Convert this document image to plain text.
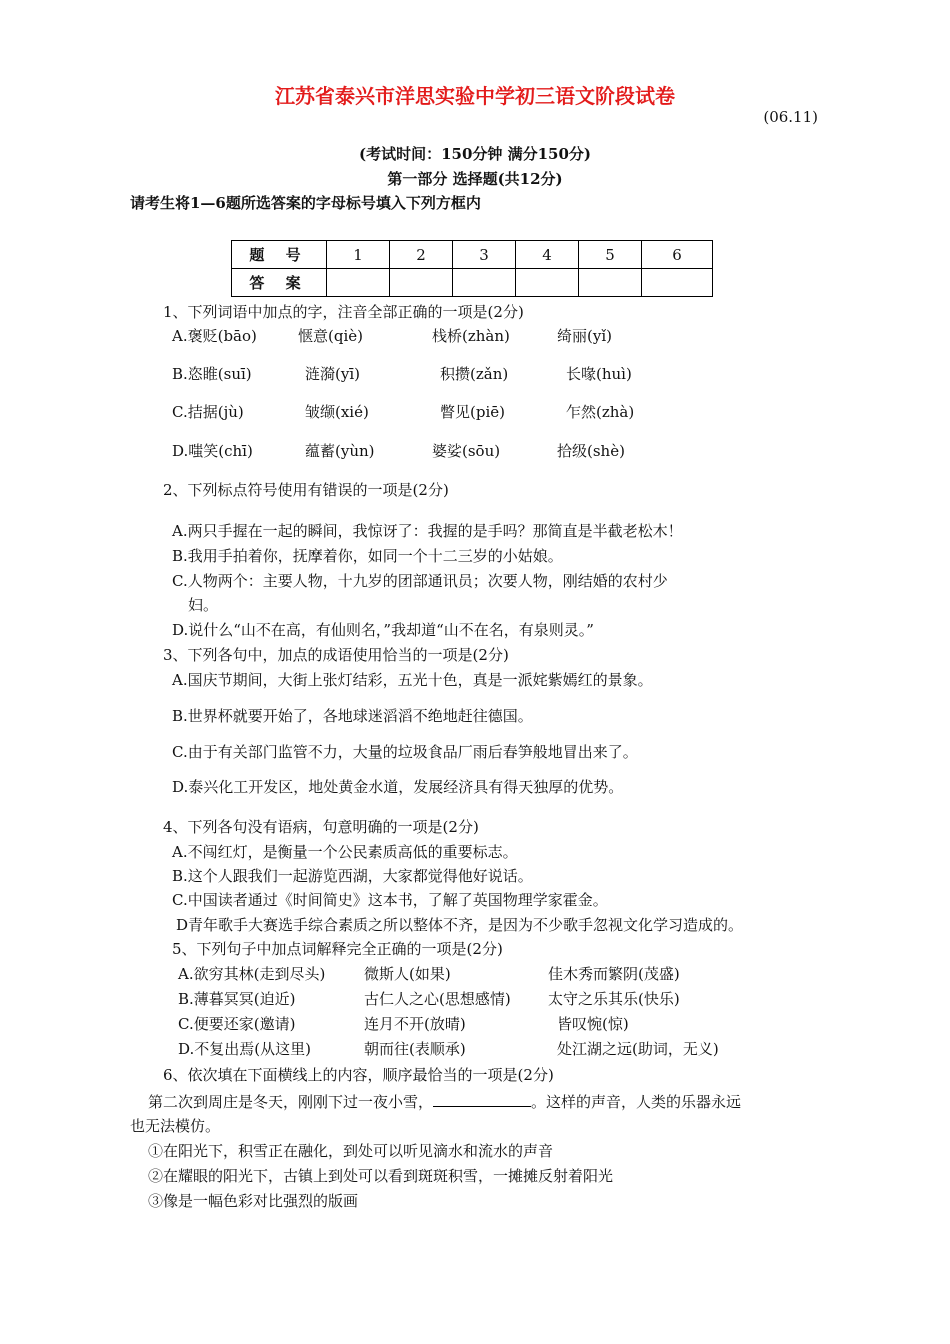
江苏省泰兴市洋思实验中学初三语文阶段试卷
(06.11)
(考试时间：150分钟 满分150分)
第一部分 选择题(共12分)
请考生将1—6题所选答案的字母标号填入下列方框内
题 号	1	2	3	4	5	6
答 案						
1、下列词语中加点的字，注音全部正确的一项是(2分)
A.褒贬(bāo)	惬意(qiè)	栈桥(zhàn)	绮丽(yǐ)
B.恣睢(suī)	涟漪(yī)	积攒(zǎn)	长喙(huì)
C.拮据(jù)	皱缬(xié)	瞥见(piē)	乍然(zhà)
D.嗤笑(chī)	蕴蓄(yùn)	婆娑(sōu)	拾级(shè)
2、下列标点符号使用有错误的一项是(2分)
A.两只手握在一起的瞬间，我惊讶了：我握的是手吗？那简直是半截老松木！
B.我用手拍着你，抚摩着你，如同一个十二三岁的小姑娘。
C.人物两个：主要人物，十九岁的团部通讯员；次要人物，刚结婚的农村少
妇。
D.说什么“山不在高，有仙则名，”我却道“山不在名，有泉则灵。”
3、下列各句中，加点的成语使用恰当的一项是(2分)
A.国庆节期间，大街上张灯结彩，五光十色，真是一派姹紫嫣红的景象。
B.世界杯就要开始了，各地球迷滔滔不绝地赶往德国。
C.由于有关部门监管不力，大量的垃圾食品厂雨后春笋般地冒出来了。
D.泰兴化工开发区，地处黄金水道，发展经济具有得天独厚的优势。
4、下列各句没有语病，句意明确的一项是(2分)
A.不闯红灯，是衡量一个公民素质高低的重要标志。
B.这个人跟我们一起游览西湖，大家都觉得他好说话。
C.中国读者通过《时间简史》这本书，了解了英国物理学家霍金。
D青年歌手大赛选手综合素质之所以整体不齐，是因为不少歌手忽视文化学习造成的。
5、下列句子中加点词解释完全正确的一项是(2分)
A.欲穷其林(走到尽头)	微斯人(如果)	佳木秀而繁阴(茂盛)
B.薄暮冥冥(迫近)	古仁人之心(思想感情) 太守之乐其乐(快乐)
C.便要还家(邀请)	连月不开(放晴)	皆叹惋(惊)
D.不复出焉(从这里)	朝而往(表顺承)	处江湖之远(助词，无义)
6、依次填在下面横线上的内容，顺序最恰当的一项是(2分)
第二次到周庄是冬天，刚刚下过一夜小雪，	。这样的声音，人类的乐器永远
也无法模仿。
①在阳光下，积雪正在融化，到处可以听见滴水和流水的声音
②在耀眼的阳光下，古镇上到处可以看到斑斑积雪，一摊摊反射着阳光
③像是一幅色彩对比强烈的版画
